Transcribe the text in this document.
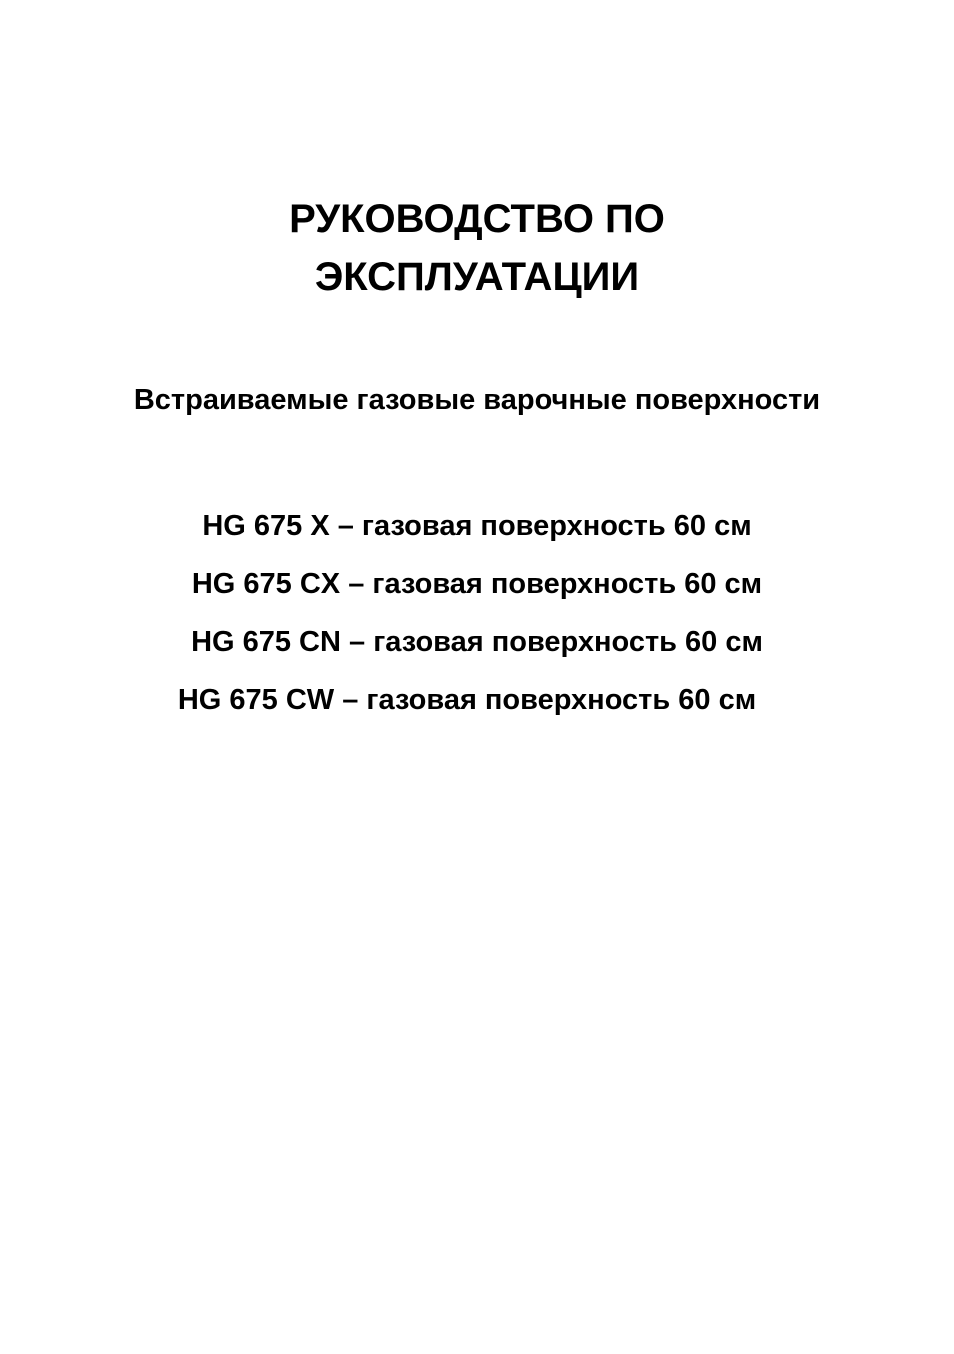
РУКОВОДСТВО ПО
ЭКСПЛУАТАЦИИ
Встраиваемые газовые варочные поверхности
HG 675 X – газовая поверхность 60 см
HG 675 CX – газовая поверхность 60 см
HG 675 CN – газовая поверхность 60 см
HG 675 CW – газовая поверхность 60 см
